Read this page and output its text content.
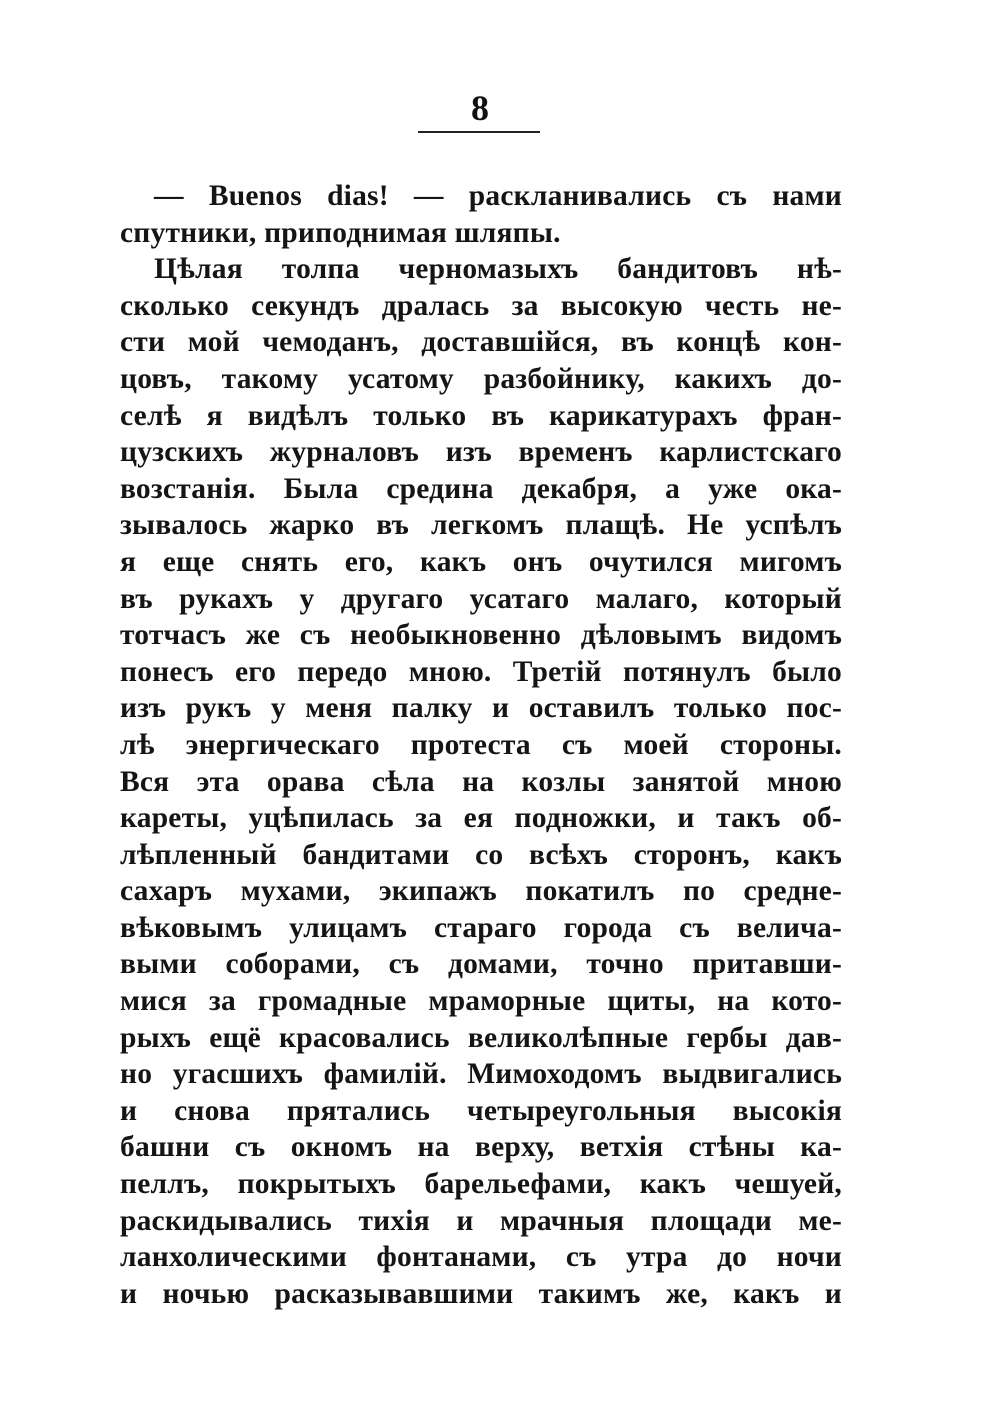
8
— Buenos dias! — раскланивались съ нами
спутники, приподнимая шляпы.
Цѣлая толпа черномазыхъ бандитовъ нѣ-
сколько секундъ дралась за высокую честь не-
сти мой чемоданъ, доставшійся, въ концѣ кон-
цовъ, такому усатому разбойнику, какихъ до-
селѣ я видѣлъ только въ карикатурахъ фран-
цузскихъ журналовъ изъ временъ карлистскаго
возстанія. Была средина декабря, а уже ока-
зывалось жарко въ легкомъ плащѣ. Не успѣлъ
я еще снять его, какъ онъ очутился мигомъ
въ рукахъ у другаго усатаго малаго, который
тотчасъ же съ необыкновенно дѣловымъ видомъ
понесъ его передо мною. Третій потянулъ было
изъ рукъ у меня палку и оставилъ только пос-
лѣ энергическаго протеста съ моей стороны.
Вся эта орава сѣла на козлы занятой мною
кареты, уцѣпилась за ея подножки, и такъ об-
лѣпленный бандитами со всѣхъ сторонъ, какъ
сахаръ мухами, экипажъ покатилъ по средне-
вѣковымъ улицамъ стараго города съ велича-
выми соборами, съ домами, точно притавши-
мися за громадные мраморные щиты, на кото-
рыхъ ещё красовались великолѣпные гербы дав-
но угасшихъ фамилій. Мимоходомъ выдвигались
и снова прятались четыреугольныя высокія
башни съ окномъ на верху, ветхія стѣны ка-
пеллъ, покрытыхъ барельефами, какъ чешуей,
раскидывались тихія и мрачныя площади ме-
ланхолическими фонтанами, съ утра до ночи
и ночью расказывавшими такимъ же, какъ и
